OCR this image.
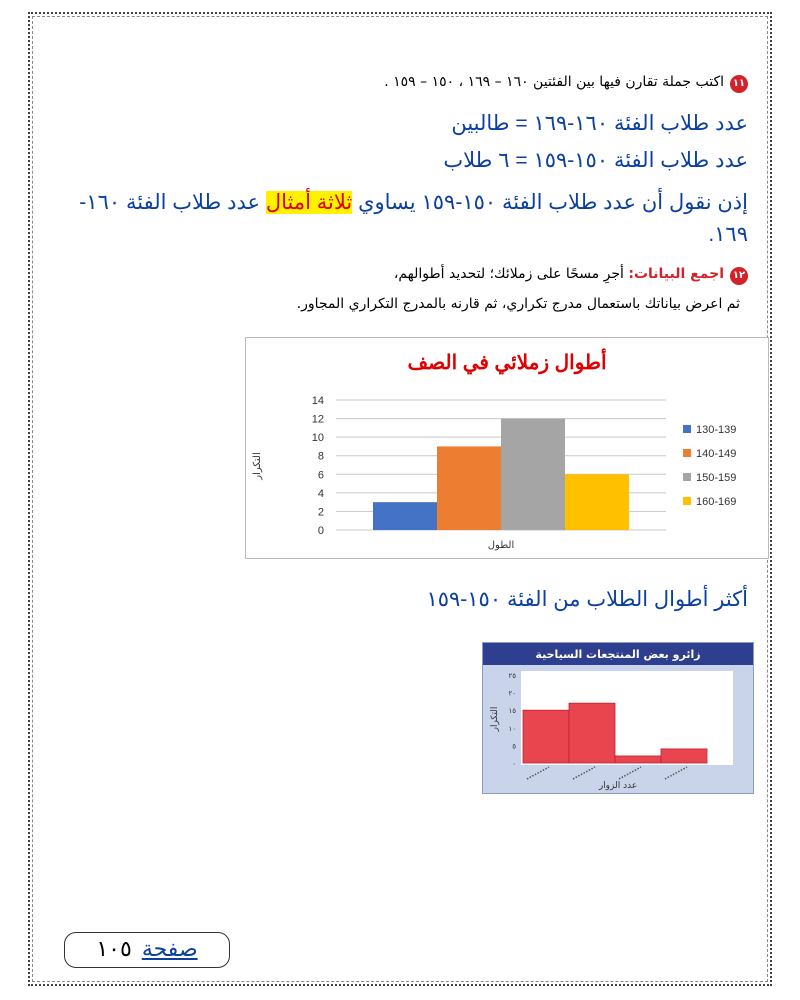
١١اكتب جملة تقارن فيها بين الفئتين ١٦٠ – ١٦٩ ، ١٥٠ – ١٥٩ .
عدد طلاب الفئة ١٦٠-١٦٩ = طالبين
عدد طلاب الفئة ١٥٠-١٥٩ = ٦ طلاب
إذن نقول أن عدد طلاب الفئة ١٥٠-١٥٩ يساوي ثلاثة أمثال عدد طلاب الفئة ١٦٠-
١٦٩.
١٢اجمع البيانات: أجرِ مسحًا على زملائك؛ لتحديد أطوالهم،
ثم اعرض بياناتك باستعمال مدرج تكراري، ثم قارنه بالمدرج التكراري المجاور.
أطوال زملائي في الصف
0
2
4
6
8
10
12
14
130-139
140-149
150-159
160-169
التكرار
الطول
أكثر أطوال الطلاب من الفئة ١٥٠-١٥٩
زائرو بعض المنتجعات السياحية
٠
٥
١٠
١٥
٢٠
٢٥
التكرار
عدد الزوار
صفحة١٠٥
